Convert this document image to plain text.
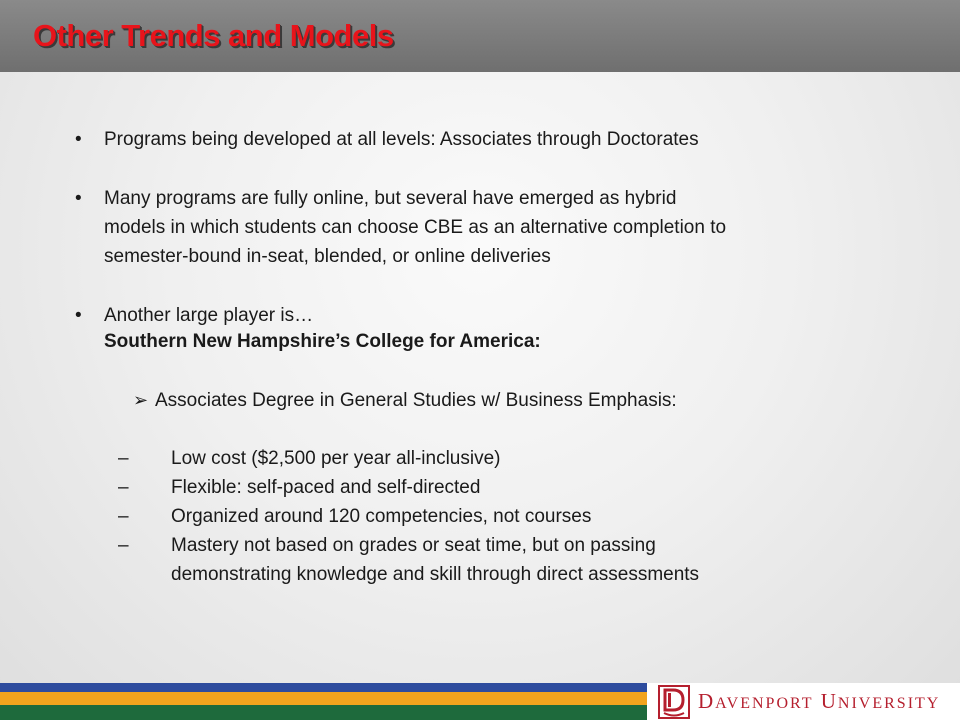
Other Trends and Models
• Programs being developed at all levels: Associates through Doctorates

• Many programs are fully online, but several have emerged as hybrid

models in which students can choose CBE as an alternative completion to

semester-bound in-seat, blended, or online deliveries

• Another large player is…

Southern New Hampshire’s College for America:

➢ Associates Degree in General Studies w/ Business Emphasis:

– Low cost ($2,500 per year all-inclusive)

– Flexible: self-paced and self-directed

– Organized around 120 competencies, not courses

– Mastery not based on grades or seat time, but on passing

demonstrating knowledge and skill through direct assessments

DAVENPORT UNIVERSITY
